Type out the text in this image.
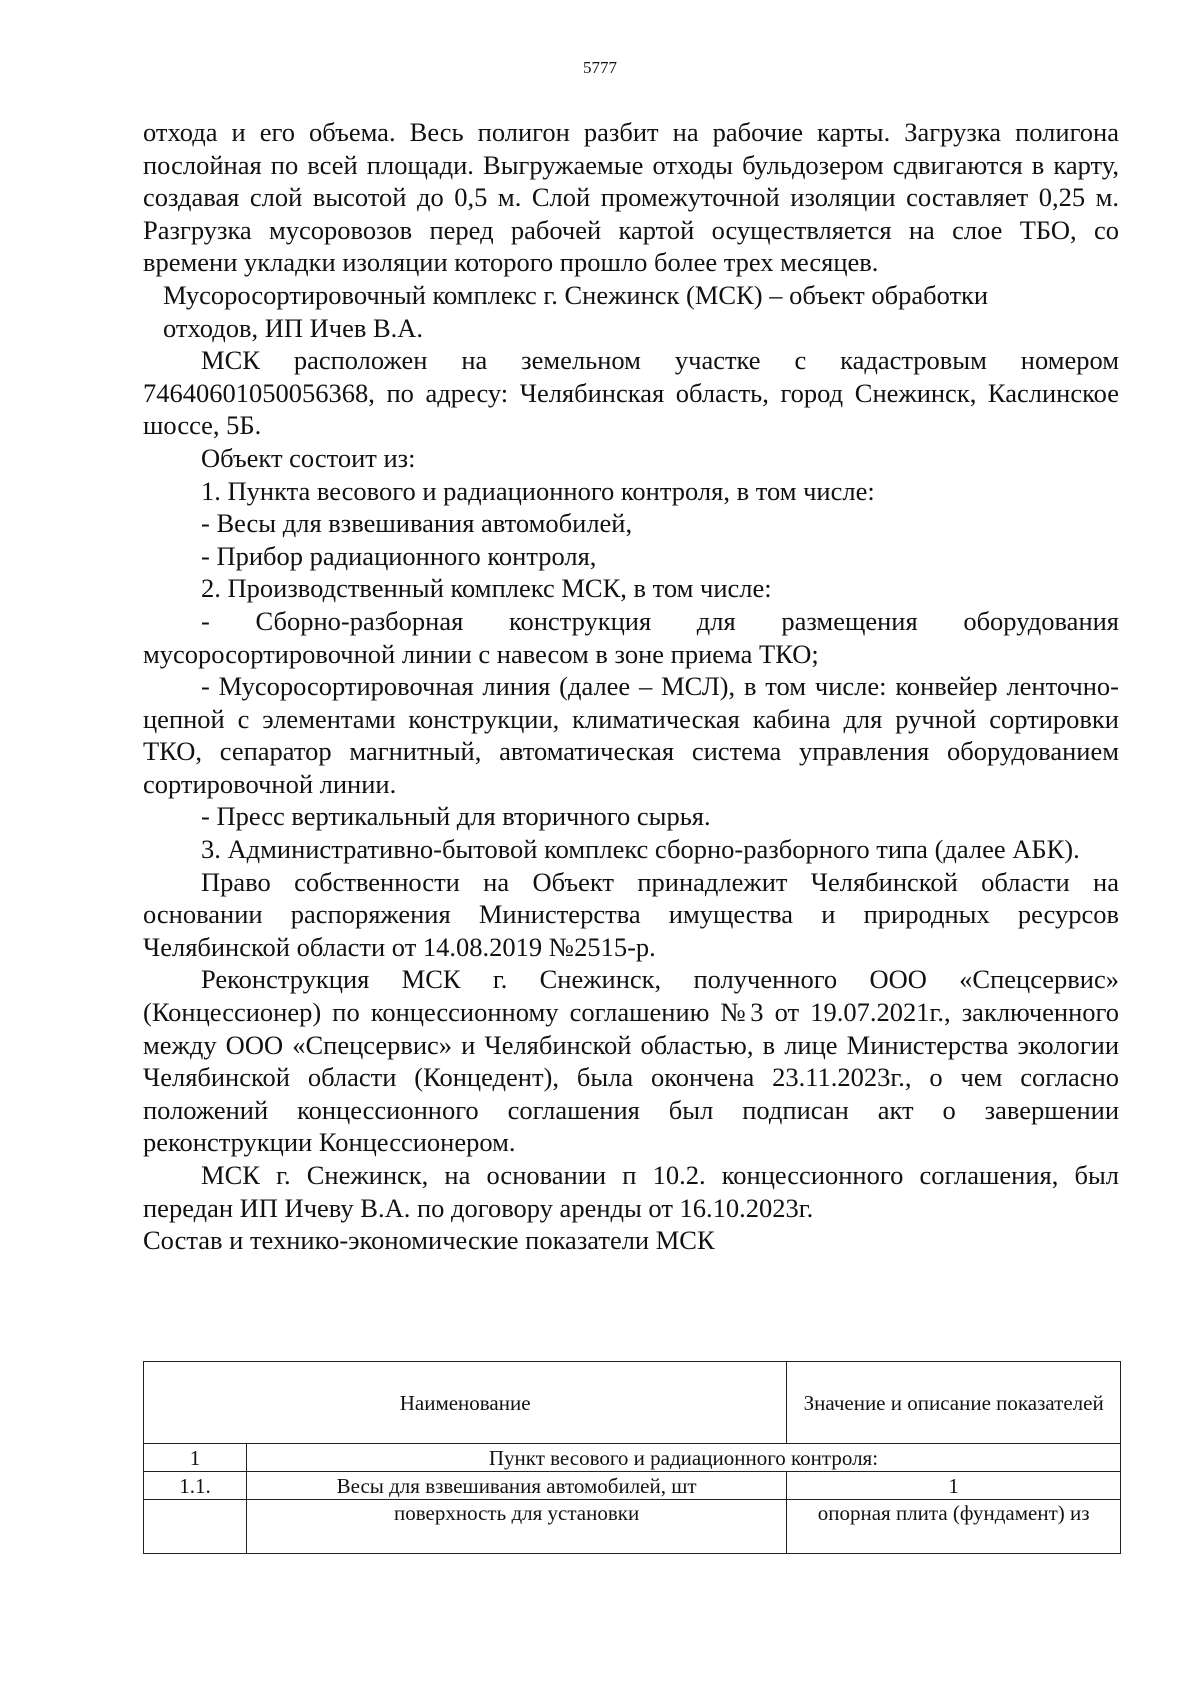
5777

отхода и его объема. Весь полигон разбит на рабочие карты. Загрузка полигона послойная по всей площади. Выгружаемые отходы бульдозером сдвигаются в карту, создавая слой высотой до 0,5 м. Слой промежуточной изоляции составляет 0,25 м. Разгрузка мусоровозов перед рабочей картой осуществляется на слое ТБО, со времени укладки изоляции которого прошло более трех месяцев.

Мусоросортировочный комплекс г. Снежинск (МСК) – объект обработки
отходов, ИП Ичев В.А.

МСК расположен на земельном участке с кадастровым номером 74640601050056368, по адресу: Челябинская область, город Снежинск, Каслинское шоссе, 5Б.

Объект состоит из:

1. Пункта весового и радиационного контроля, в том числе:

- Весы для взвешивания автомобилей,

- Прибор радиационного контроля,

2. Производственный комплекс МСК, в том числе:

- Сборно-разборная конструкция для размещения оборудования мусоросортировочной линии с навесом в зоне приема ТКО;

- Мусоросортировочная линия (далее – МСЛ), в том числе: конвейер ленточно-цепной с элементами конструкции, климатическая кабина для ручной сортировки ТКО, сепаратор магнитный, автоматическая система управления оборудованием сортировочной линии.

- Пресс вертикальный для вторичного сырья.

3. Административно-бытовой комплекс сборно-разборного типа (далее АБК).

Право собственности на Объект принадлежит Челябинской области на основании распоряжения Министерства имущества и природных ресурсов Челябинской области от 14.08.2019 №2515-р.

Реконструкция МСК г. Снежинск, полученного ООО «Спецсервис» (Концессионер) по концессионному соглашению №3 от 19.07.2021г., заключенного между ООО «Спецсервис» и Челябинской областью, в лице Министерства экологии Челябинской области (Концедент), была окончена 23.11.2023г., о чем согласно положений концессионного соглашения был подписан акт о завершении реконструкции Концессионером.

МСК г. Снежинск, на основании п 10.2. концессионного соглашения, был передан ИП Ичеву В.А. по договору аренды от 16.10.2023г.

Состав и технико-экономические показатели МСК

Наименование		Значение и описание показателей
1	Пункт весового и радиационного контроля:	
1.1.	Весы для взвешивания автомобилей, шт	1
	поверхность для установки	опорная плита (фундамент) из
